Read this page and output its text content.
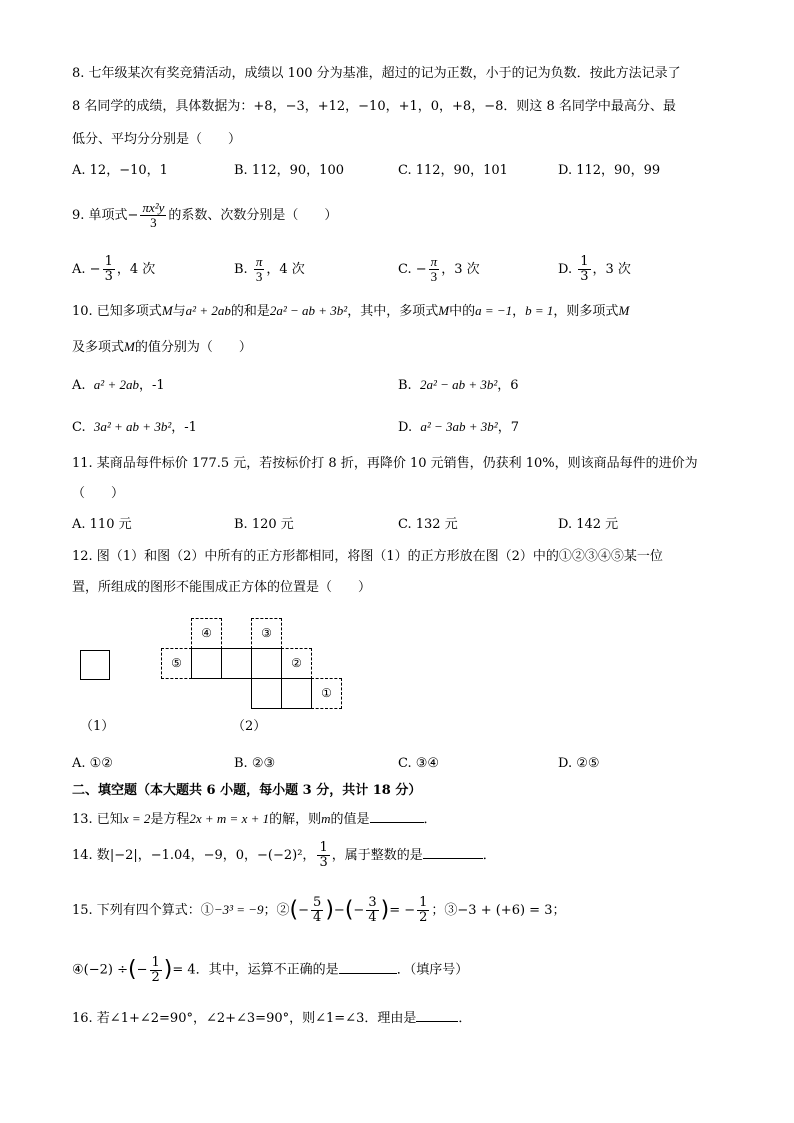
8. 七年级某次有奖竞猜活动，成绩以 100 分为基准，超过的记为正数，小于的记为负数．按此方法记录了
8 名同学的成绩，具体数据为：+8，−3，+12，−10，+1，0，+8，−8．则这 8 名同学中最高分、最
低分、平均分分别是（　　）
A. 12，−10，1	B. 112，90，100	C. 112，90，101	D. 112，90，99
9. 单项式− $\frac{\text{πx²y}}{3}$ 的系数、次数分别是（　　）
A. − $\frac{1}{3}$ ，4 次	B. $\frac{\pi}{3}$ ，4 次	C. − $\frac{\pi}{3}$ ，3 次	D. $\frac{1}{3}$ ，3 次
10. 已知多项式M与a² + 2ab的和是2a² − ab + 3b²，其中，多项式M中的a = −1，b = 1，则多项式M
及多项式M的值分别为（　　）
A. a² + 2ab，-1	B. 2a² − ab + 3b²，6
C. 3a² + ab + 3b²，-1	D. a² − 3ab + 3b²，7
11. 某商品每件标价 177.5 元，若按标价打 8 折，再降价 10 元销售，仍获利 10%，则该商品每件的进价为
（　　）
A. 110 元	B. 120 元	C. 132 元	D. 142 元
12. 图（1）和图（2）中所有的正方形都相同，将图（1）的正方形放在图（2）中的①②③④⑤某一位
置，所组成的图形不能围成正方体的位置是（　　）
（1）
④	③
⑤	②
①
（2）
A. ①②	B. ②③	C. ③④	D. ②⑤
二、填空题（本大题共 6 小题，每小题 3 分，共计 18 分）
13. 已知x = 2是方程2x + m = x + 1的解，则m的值是	．
14. 数|−2|，−1.04，−9，0，−(−2)²， $\frac{1}{3}$ ，属于整数的是	．
15. 下列有四个算式：①−3³ = −9；②(− $\frac{5}{4}$ )−(− $\frac{3}{4}$ )= − $\frac{1}{2}$ ；③−3 + (+6) = 3；
④(−2) ÷(− $\frac{1}{2}$ )= 4．其中，运算不正确的是	．（填序号）
16. 若∠1+∠2=90°，∠2+∠3=90°，则∠1=∠3．理由是	．
